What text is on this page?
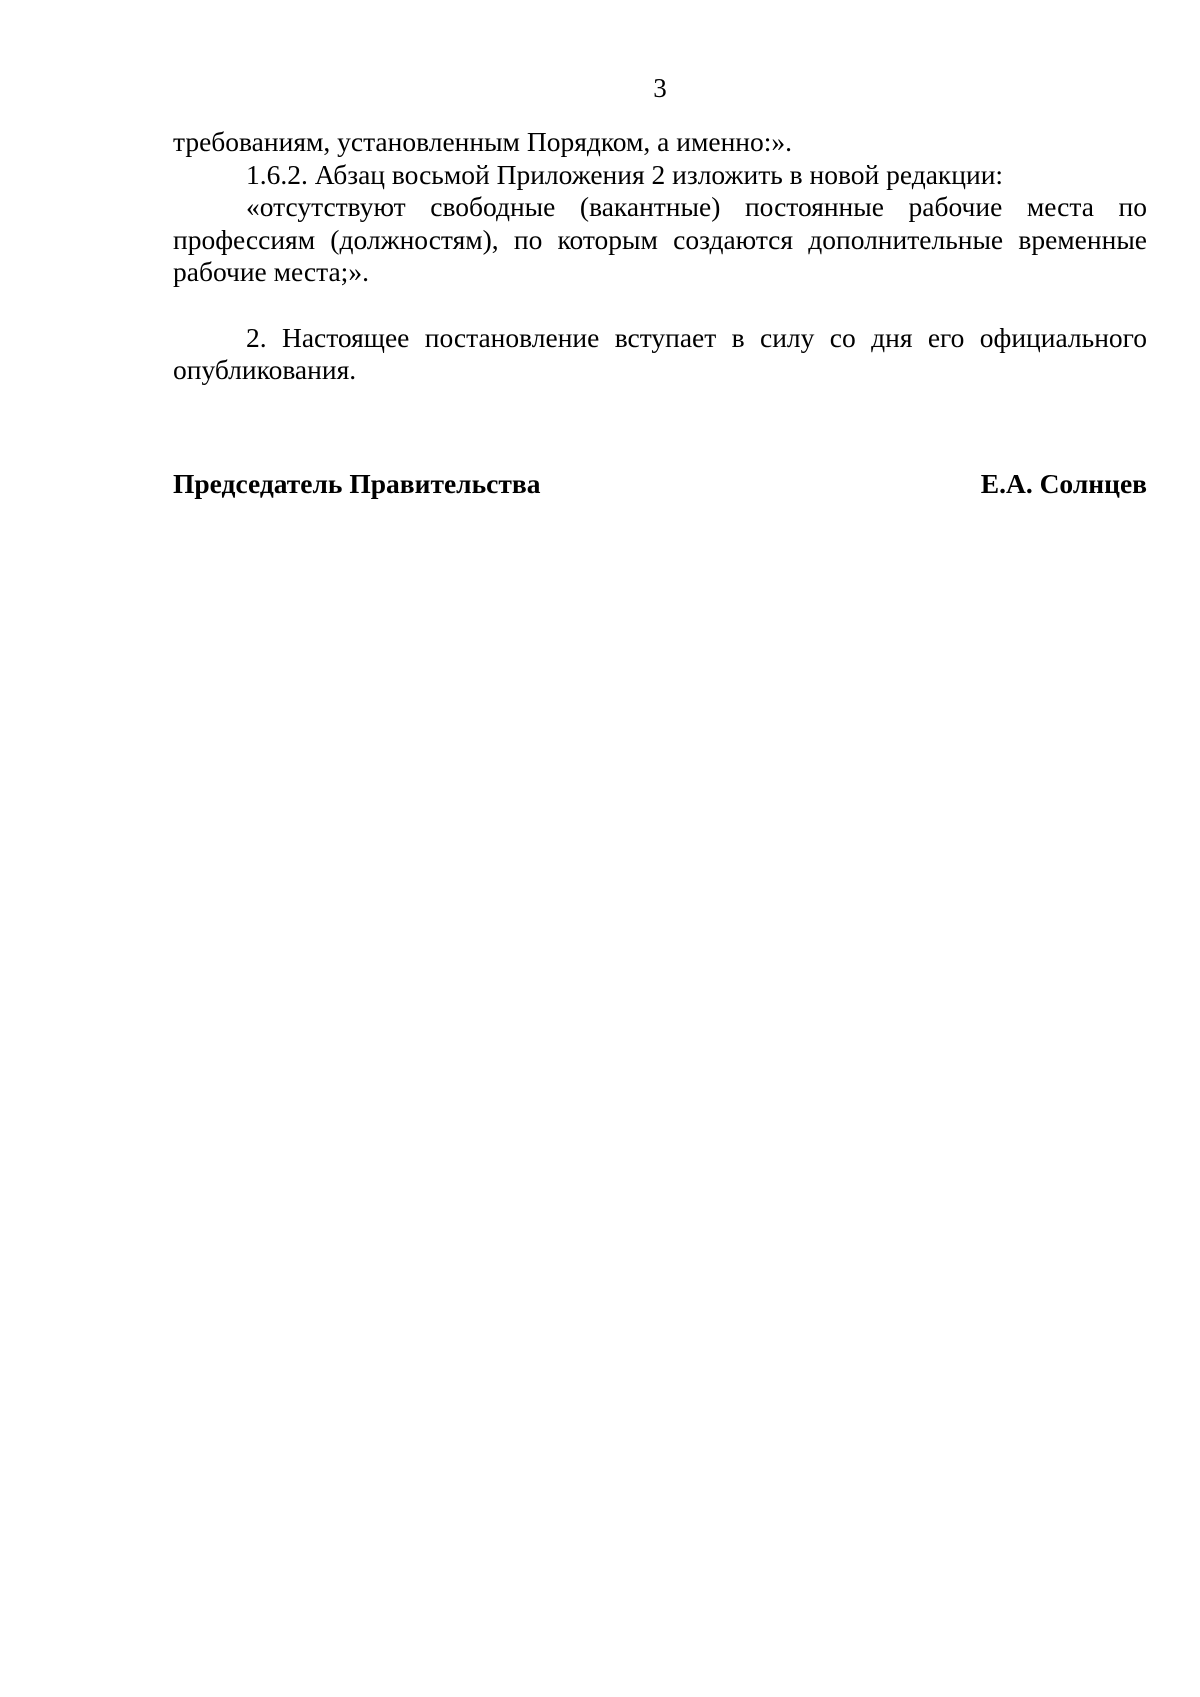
3

требованиям, установленным Порядком, а именно:».

1.6.2. Абзац восьмой Приложения 2 изложить в новой редакции:

«отсутствуют свободные (вакантные) постоянные рабочие места по профессиям (должностям), по которым создаются дополнительные временные рабочие места;».

2. Настоящее постановление вступает в силу со дня его официального опубликования.

Председатель Правительства	Е.А. Солнцев
